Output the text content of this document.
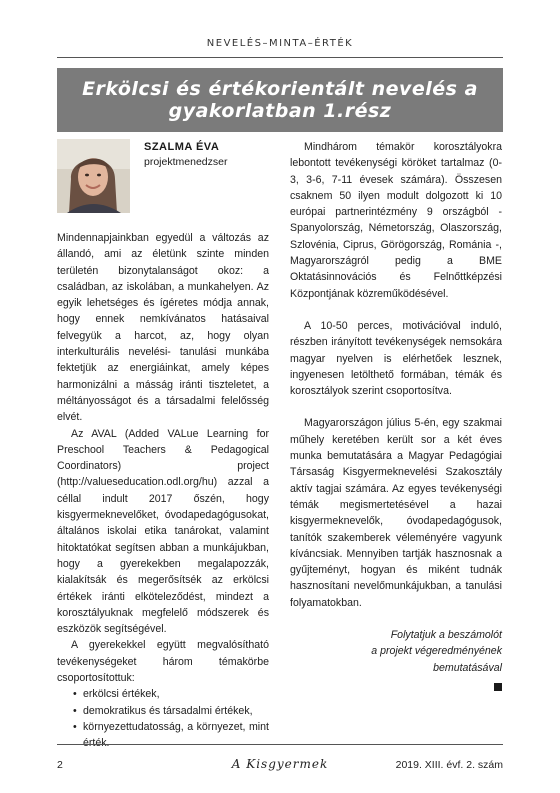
NEVELÉS–MINTA–ÉRTÉK
Erkölcsi és értékorientált nevelés a
gyakorlatban 1.rész
SZALMA ÉVA
projektmenedzser

Mindennapjainkban egyedül a változás az állandó, ami az életünk szinte minden területén bizonytalanságot okoz: a családban, az iskolában, a munkahelyen. Az egyik lehetséges és ígéretes módja annak, hogy ennek nemkívánatos hatásaival felvegyük a harcot, az, hogy olyan interkulturális nevelési- tanulási munkába fektetjük az energiáinkat, amely képes harmonizálni a másság iránti tiszteletet, a méltányosságot és a társadalmi felelősség elvét.

Az AVAL (Added VALue Learning for Preschool Teachers & Pedagogical Coordinators) project (http://valueseducation.odl.org/hu) azzal a céllal indult 2017 őszén, hogy kisgyermeknevelőket, óvodapedagógusokat, általános iskolai etika tanárokat, valamint hitoktatókat segítsen abban a munkájukban, hogy a gyerekekben megalapozzák, kialakítsák és megerősítsék az erkölcsi értékek iránti elköteleződést, mindezt a korosztályuknak megfelelő módszerek és eszközök segítségével.

A gyerekekkel együtt megvalósítható tevékenységeket három témakörbe csoportosítottuk:

• erkölcsi értékek,
• demokratikus és társadalmi értékek,
• környezettudatosság, a környezet, mint

Mindhárom témakör korosztályokra lebontott tevékenységi köröket tartalmaz (0-3, 3-6, 7-11 évesek számára). Összesen csaknem 50 ilyen modult dolgozott ki 10 európai partnerintézmény 9 országból - Spanyolország, Németország, Olaszország, Szlovénia, Ciprus, Görögország, Románia -, Magyarországról pedig a BME Oktatásinnovációs és Felnőttképzési Központjának közreműködésével.

A 10-50 perces, motivációval induló, részben irányított tevékenységek nemsokára magyar nyelven is elérhetőek lesznek, ingyenesen letölthető formában, témák és korosztályok szerint csoportosítva.

Magyarországon július 5-én, egy szakmai műhely keretében került sor a két éves munka bemutatására a Magyar Pedagógiai Társaság Kisgyermeknevelési Szakosztály aktív tagjai számára. Az egyes tevékenységi témák megismertetésével a hazai kisgyermeknevelők, óvodapedagógusok, tanítók szakemberek véleményére vagyunk kíváncsiak. Mennyiben tartják hasznosnak a gyűjteményt, hogyan és miként tudnák hasznosítani nevelőmunkájukban, a tanulási folyamatokban.

Folytatjuk a beszámolót
a projekt végeredményének
bemutatásával
2	A Kisgyermek	2019. XIII. évf. 2. szám
